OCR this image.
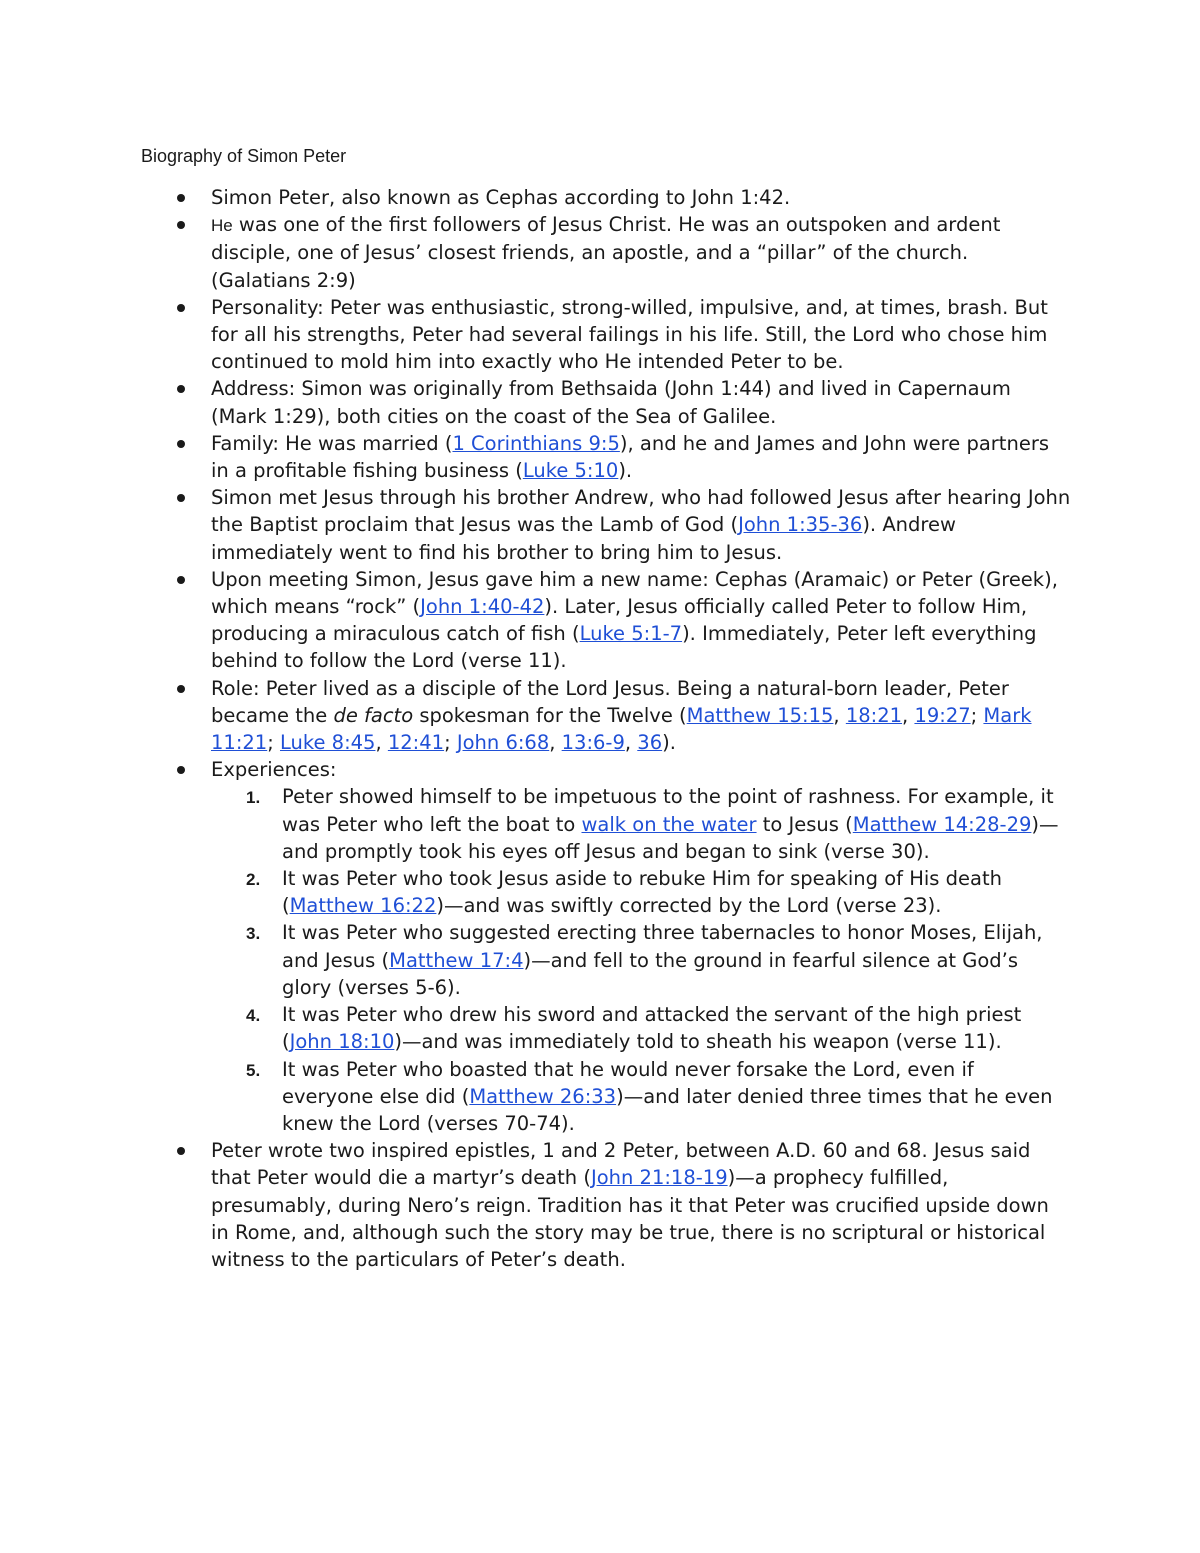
Biography of Simon Peter
Simon Peter, also known as Cephas according to John 1:42.
He was one of the first followers of Jesus Christ. He was an outspoken and ardent disciple, one of Jesus’ closest friends, an apostle, and a “pillar” of the church. (Galatians 2:9)
Personality: Peter was enthusiastic, strong-willed, impulsive, and, at times, brash. But for all his strengths, Peter had several failings in his life. Still, the Lord who chose him continued to mold him into exactly who He intended Peter to be.
Address: Simon was originally from Bethsaida (John 1:44) and lived in Capernaum (Mark 1:29), both cities on the coast of the Sea of Galilee.
Family: He was married (1 Corinthians 9:5), and he and James and John were partners in a profitable fishing business (Luke 5:10).
Simon met Jesus through his brother Andrew, who had followed Jesus after hearing John the Baptist proclaim that Jesus was the Lamb of God (John 1:35-36). Andrew immediately went to find his brother to bring him to Jesus.
Upon meeting Simon, Jesus gave him a new name: Cephas (Aramaic) or Peter (Greek), which means “rock” (John 1:40-42). Later, Jesus officially called Peter to follow Him, producing a miraculous catch of fish (Luke 5:1-7). Immediately, Peter left everything behind to follow the Lord (verse 11).
Role: Peter lived as a disciple of the Lord Jesus. Being a natural-born leader, Peter became the de facto spokesman for the Twelve (Matthew 15:15, 18:21, 19:27; Mark 11:21; Luke 8:45, 12:41; John 6:68, 13:6-9, 36).
Experiences:
1. Peter showed himself to be impetuous to the point of rashness. For example, it was Peter who left the boat to walk on the water to Jesus (Matthew 14:28-29)—and promptly took his eyes off Jesus and began to sink (verse 30).
2. It was Peter who took Jesus aside to rebuke Him for speaking of His death (Matthew 16:22)—and was swiftly corrected by the Lord (verse 23).
3. It was Peter who suggested erecting three tabernacles to honor Moses, Elijah, and Jesus (Matthew 17:4)—and fell to the ground in fearful silence at God’s glory (verses 5-6).
4. It was Peter who drew his sword and attacked the servant of the high priest (John 18:10)—and was immediately told to sheath his weapon (verse 11).
5. It was Peter who boasted that he would never forsake the Lord, even if everyone else did (Matthew 26:33)—and later denied three times that he even knew the Lord (verses 70-74).
Peter wrote two inspired epistles, 1 and 2 Peter, between A.D. 60 and 68. Jesus said that Peter would die a martyr’s death (John 21:18-19)—a prophecy fulfilled, presumably, during Nero’s reign. Tradition has it that Peter was crucified upside down in Rome, and, although such the story may be true, there is no scriptural or historical witness to the particulars of Peter’s death.
